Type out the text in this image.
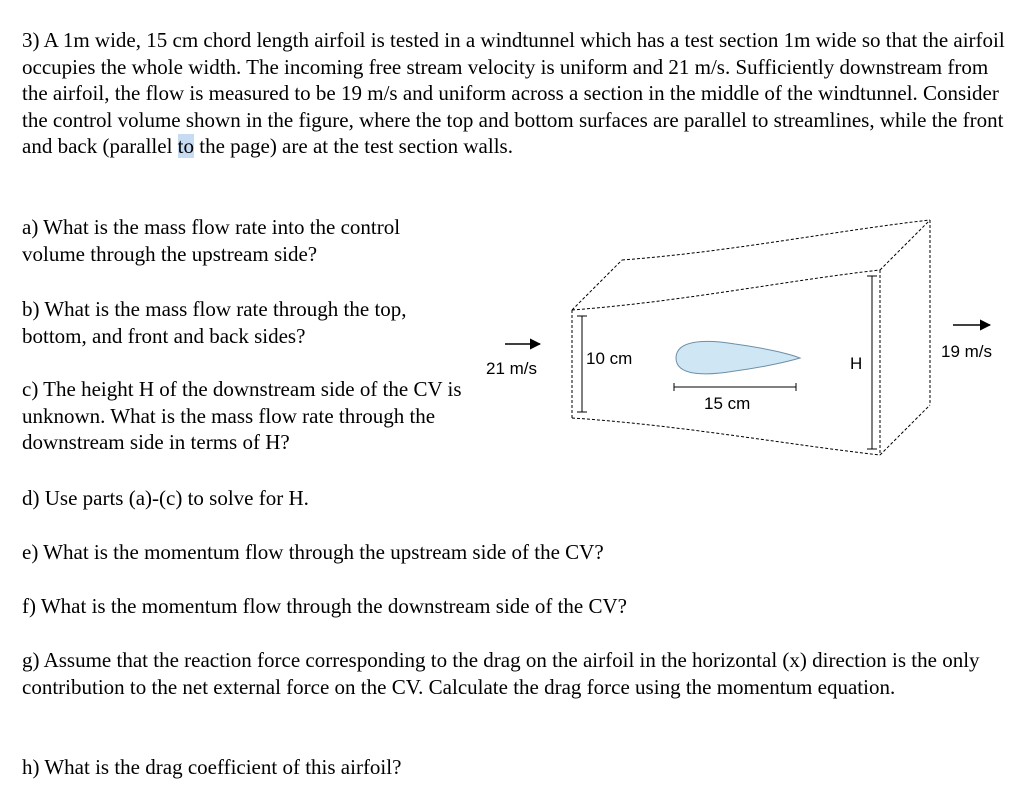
3) A 1m wide, 15 cm chord length airfoil is tested in a windtunnel which has a test section 1m wide so that the airfoil occupies the whole width. The incoming free stream velocity is uniform and 21 m/s. Sufficiently downstream from the airfoil, the flow is measured to be 19 m/s and uniform across a section in the middle of the windtunnel. Consider the control volume shown in the figure, where the top and bottom surfaces are parallel to streamlines, while the front and back (parallel to the page) are at the test section walls.

a) What is the mass flow rate into the control volume through the upstream side?

b) What is the mass flow rate through the top, bottom, and front and back sides?

c) The height H of the downstream side of the CV is unknown. What is the mass flow rate through the downstream side in terms of H?

d) Use parts (a)-(c) to solve for H.

e) What is the momentum flow through the upstream side of the CV?

f) What is the momentum flow through the downstream side of the CV?

g) Assume that the reaction force corresponding to the drag on the airfoil in the horizontal (x) direction is the only contribution to the net external force on the CV. Calculate the drag force using the momentum equation.

h) What is the drag coefficient of this airfoil?

10 cm	H
15 cm
21 m/s
19 m/s
